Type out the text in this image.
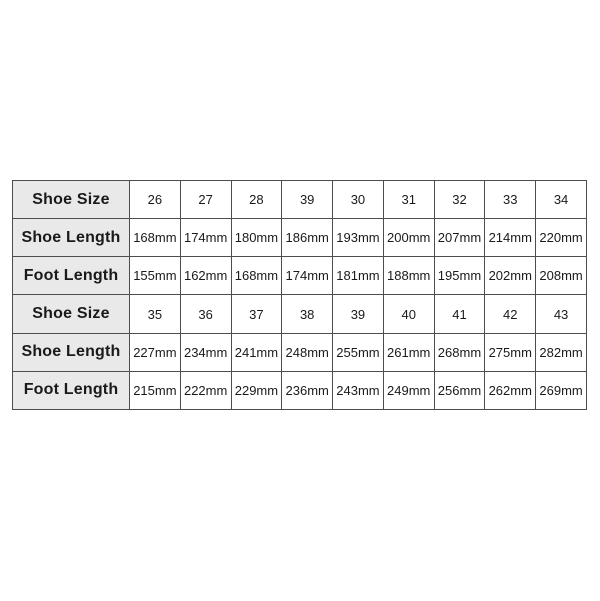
Shoe Size	26	27	28	39	30	31	32	33	34
Shoe Length	168mm	174mm	180mm	186mm	193mm	200mm	207mm	214mm	220mm
Foot Length	155mm	162mm	168mm	174mm	181mm	188mm	195mm	202mm	208mm
Shoe Size	35	36	37	38	39	40	41	42	43
Shoe Length	227mm	234mm	241mm	248mm	255mm	261mm	268mm	275mm	282mm
Foot Length	215mm	222mm	229mm	236mm	243mm	249mm	256mm	262mm	269mm
